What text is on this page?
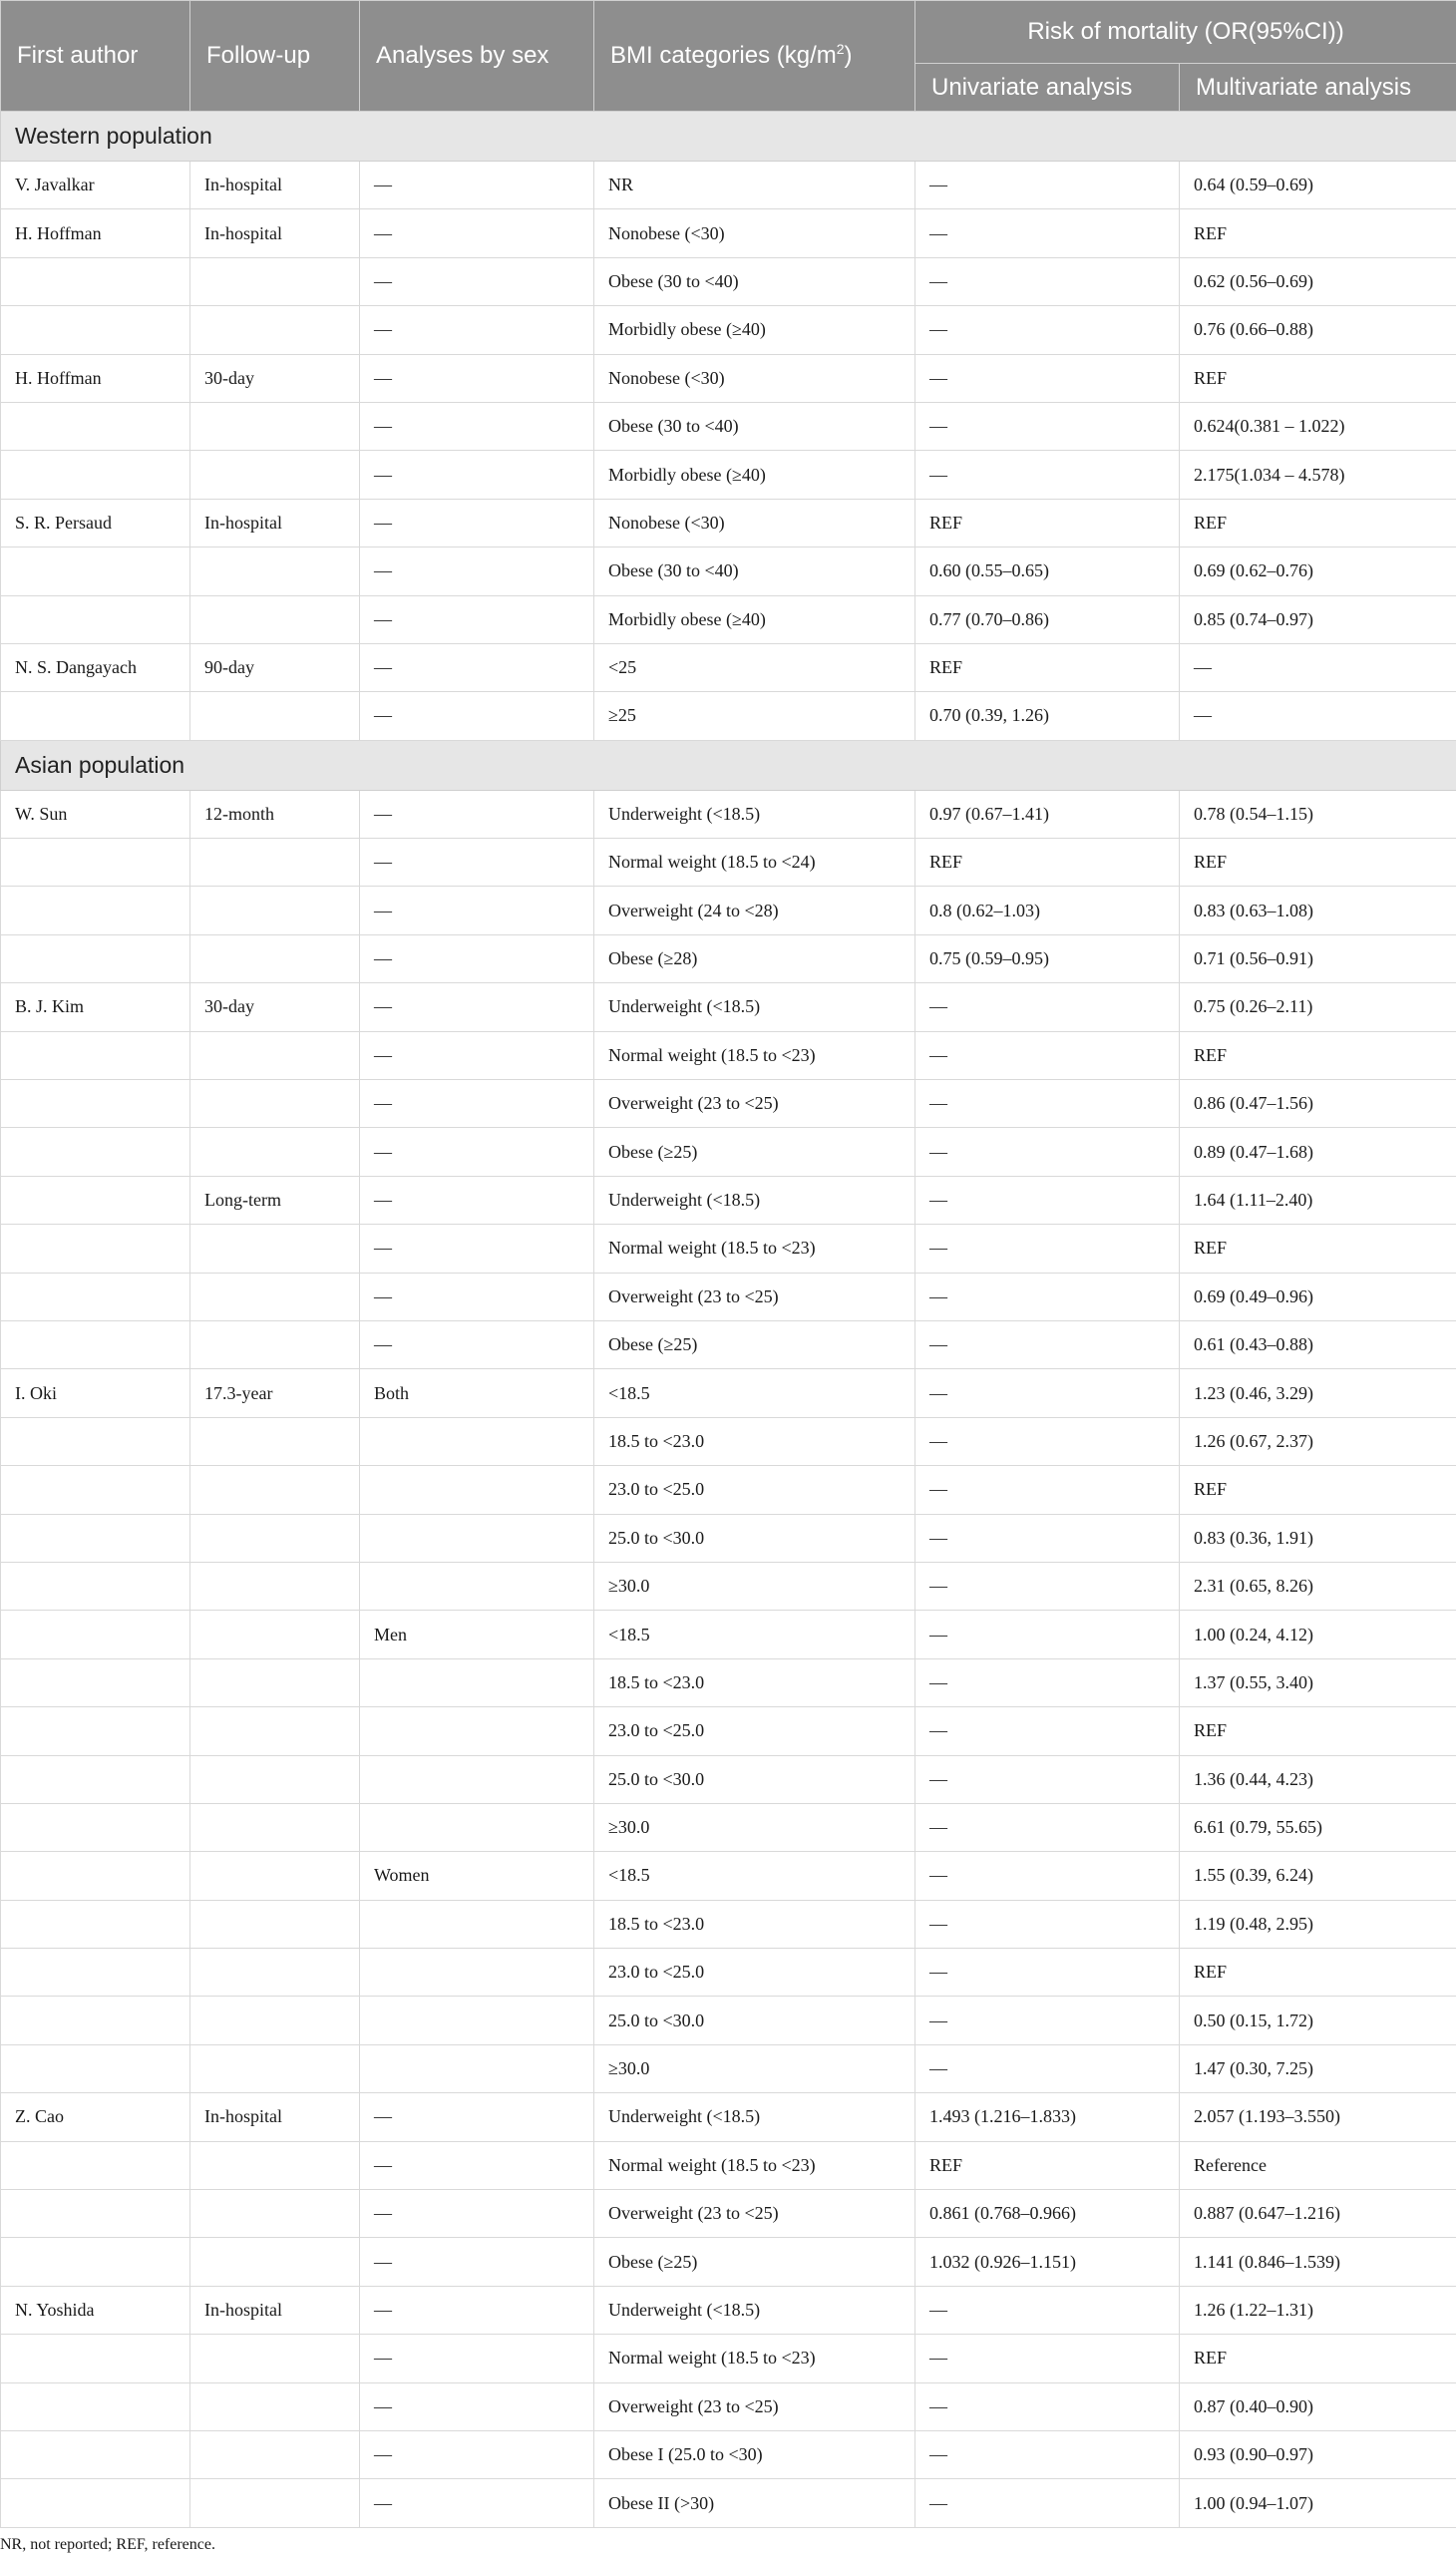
First author	Follow-up	Analyses by sex	BMI categories $(kg/m^2)$	Risk of mortality (OR(95%CI))	
				Univariate analysis	Multivariate analysis
Western population					
V. Javalkar	In-hospital	—	NR	—	0.64 (0.59–0.69)
H. Hoffman	In-hospital	—	Nonobese (<30)	—	REF
		—	Obese (30 to <40)	—	0.62 (0.56–0.69)
		—	Morbidly obese (≥40)	—	0.76 (0.66–0.88)
H. Hoffman	30-day	—	Nonobese (<30)	—	REF
		—	Obese (30 to <40)	—	0.624(0.381 – 1.022)
		—	Morbidly obese (≥40)	—	2.175(1.034 – 4.578)
S. R. Persaud	In-hospital	—	Nonobese (<30)	REF	REF
		—	Obese (30 to <40)	0.60 (0.55–0.65)	0.69 (0.62–0.76)
		—	Morbidly obese (≥40)	0.77 (0.70–0.86)	0.85 (0.74–0.97)
N. S. Dangayach	90-day	—	<25	REF	—
		—	≥25	0.70 (0.39, 1.26)	—
Asian population					
W. Sun	12-month	—	Underweight (<18.5)	0.97 (0.67–1.41)	0.78 (0.54–1.15)
		—	Normal weight (18.5 to <24)	REF	REF
		—	Overweight (24 to <28)	0.8 (0.62–1.03)	0.83 (0.63–1.08)
		—	Obese (≥28)	0.75 (0.59–0.95)	0.71 (0.56–0.91)
B. J. Kim	30-day	—	Underweight (<18.5)	—	0.75 (0.26–2.11)
		—	Normal weight (18.5 to <23)	—	REF
		—	Overweight (23 to <25)	—	0.86 (0.47–1.56)
		—	Obese (≥25)	—	0.89 (0.47–1.68)
	Long-term	—	Underweight (<18.5)	—	1.64 (1.11–2.40)
		—	Normal weight (18.5 to <23)	—	REF
		—	Overweight (23 to <25)	—	0.69 (0.49–0.96)
		—	Obese (≥25)	—	0.61 (0.43–0.88)
I. Oki	17.3-year	Both	<18.5	—	1.23 (0.46, 3.29)
			18.5 to <23.0	—	1.26 (0.67, 2.37)
			23.0 to <25.0	—	REF
			25.0 to <30.0	—	0.83 (0.36, 1.91)
			≥30.0	—	2.31 (0.65, 8.26)
		Men	<18.5	—	1.00 (0.24, 4.12)
			18.5 to <23.0	—	1.37 (0.55, 3.40)
			23.0 to <25.0	—	REF
			25.0 to <30.0	—	1.36 (0.44, 4.23)
			≥30.0	—	6.61 (0.79, 55.65)
		Women	<18.5	—	1.55 (0.39, 6.24)
			18.5 to <23.0	—	1.19 (0.48, 2.95)
			23.0 to <25.0	—	REF
			25.0 to <30.0	—	0.50 (0.15, 1.72)
			≥30.0	—	1.47 (0.30, 7.25)
Z. Cao	In-hospital	—	Underweight (<18.5)	1.493 (1.216–1.833)	2.057 (1.193–3.550)
		—	Normal weight (18.5 to <23)	REF	Reference
		—	Overweight (23 to <25)	0.861 (0.768–0.966)	0.887 (0.647–1.216)
		—	Obese (≥25)	1.032 (0.926–1.151)	1.141 (0.846–1.539)
N. Yoshida	In-hospital	—	Underweight (<18.5)	—	1.26 (1.22–1.31)
		—	Normal weight (18.5 to <23)	—	REF
		—	Overweight (23 to <25)	—	0.87 (0.40–0.90)
		—	Obese I (25.0 to <30)	—	0.93 (0.90–0.97)
		—	Obese II (>30)	—	1.00 (0.94–1.07)
NR, not reported; REF, reference.
